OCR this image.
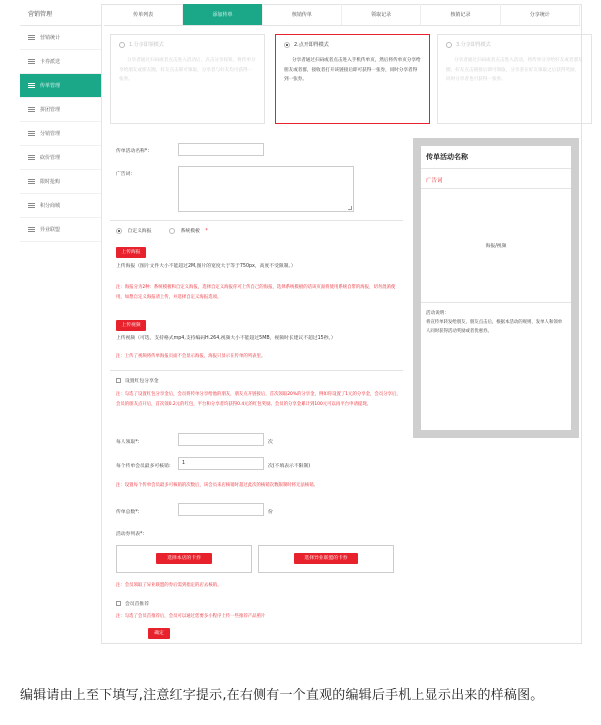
营销管理
营销统计
卡券派送
传单管理
拼团管理
分销管理
砍价管理
限时抢购
积分商城
异业联盟
传单列表	添加传单	核销传单	领取记录	核销记录	分享统计
1.分享即领模式
分享者通过扫码或者点击进入活动后，点击分享按钮，将传单分享给朋友或朋友圈，好友点击即可领取，分享者与好友均可获得一张券。
2.点开即得模式
分享者通过扫码或者点击进入手机传单页，然后将传单页分享给朋友或者群，接收者打开该链接后即可获得一张券，同时分享者得到一张券。
3.分享即得模式
分享者通过扫码或者点击进入活动，将传单分享给好友或者朋友圈，好友点击链接后即可领取，分享者在好友领取之后获得奖励，同时分享者也可获得一张券。
传单活动名称*：
广告词：
自定义海报	系统模板 *
上传海报
上传海报（图片文件大小不能超过2M,图片的宽度大于等于750px，高度不受限制。）
注：海报分为2种：系统模板和自定义海报，选择自定义海报你可上传自己的海报，选择系统模板的话该页面将使用系统自带的海报，切勿混淆使用，如想自定义海报请上传，并选择自定义海报选项。
上传视频
上传视频（可选，支持格式mp4,支持编码H.264,视频大小不能超过5MB，视频时长建议不超过15秒。）
注：上传了视频将传单海报页面不会显示海报，海报只显示在传单的列表里。
设置红包分享金
注：勾选了设置红包分享金后，会员将传单分享给他的朋友，朋友点开链接后，首次领取20%的分享金，例如你设置了1元的分享金，会员分享后，会员的朋友点开后，首次领0.2元的红包，平台和分享者均获得0.4元的红包奖励。会员的分享金累计到100元可以再平台申请提现。
每人领取*：	次
每个传单会员最多可核销：
1
次(不填表示不限制)
注：设置每个传单会员最多可核销的次数后，该会员来店核销时超过此次的核销次数限制时将无法核销。
传单总数*：	份
活动券列表*：
选择本店的卡券	选择异业联盟的卡券
注：会员领取了异业联盟的券后需到指定的店去核销。
会员首推荐
注：勾选了会员首推荐后，会员可以通过您要多小程序上传一些推荐产品照片
确定
传单活动名称
广告词
海报/视频
活动说明：
将宣传单转发给朋友，朋友点击后，根据本活动的规则，发单人和领单人同时获得活动奖励或者优惠券。
编辑请由上至下填写,注意红字提示,在右侧有一个直观的编辑后手机上显示出来的样稿图。
